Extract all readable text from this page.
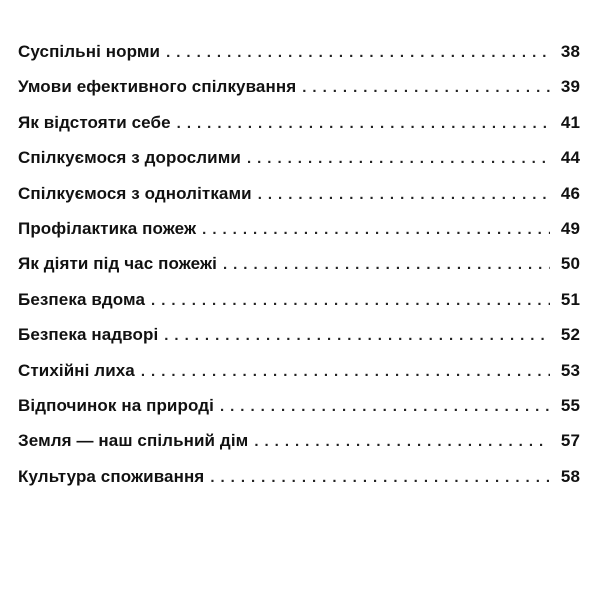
Суспільні норми .....	38
Умови ефективного спілкування .....	39
Як відстояти себе .....	41
Спілкуємося з дорослими .....	44
Спілкуємося з однолітками .....	46
Профілактика пожеж .....	49
Як діяти під час пожежі .....	50
Безпека вдома .....	51
Безпека надворі .....	52
Стихійні лиха .....	53
Відпочинок на природі .....	55
Земля — наш спільний дім .....	57
Культура споживання .....	58
